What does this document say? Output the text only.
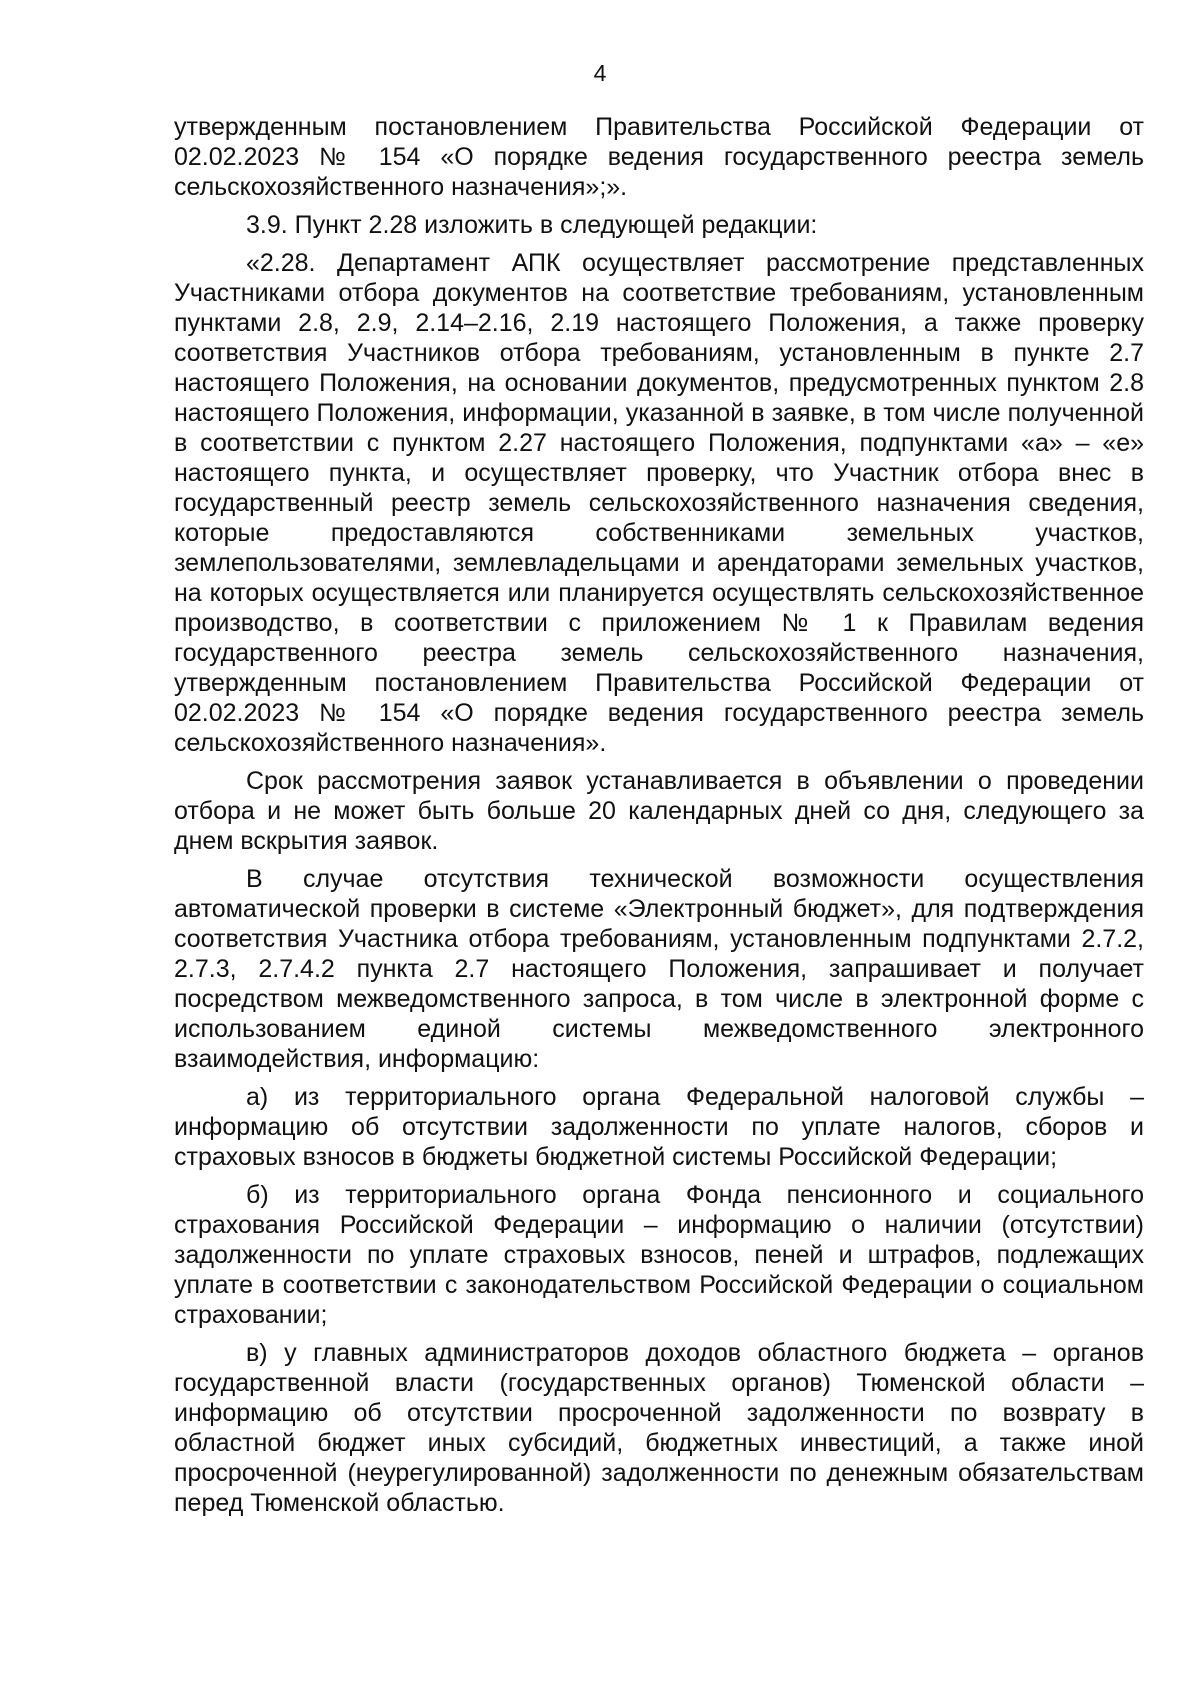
4

утвержденным постановлением Правительства Российской Федерации от 02.02.2023 № 154 «О порядке ведения государственного реестра земель сельскохозяйственного назначения»;».

3.9. Пункт 2.28 изложить в следующей редакции:

«2.28. Департамент АПК осуществляет рассмотрение представленных Участниками отбора документов на соответствие требованиям, установленным пунктами 2.8, 2.9, 2.14–2.16, 2.19 настоящего Положения, а также проверку соответствия Участников отбора требованиям, установленным в пункте 2.7 настоящего Положения, на основании документов, предусмотренных пунктом 2.8 настоящего Положения, информации, указанной в заявке, в том числе полученной в соответствии с пунктом 2.27 настоящего Положения, подпунктами «а» – «е» настоящего пункта, и осуществляет проверку, что Участник отбора внес в государственный реестр земель сельскохозяйственного назначения сведения, которые предоставляются собственниками земельных участков, землепользователями, землевладельцами и арендаторами земельных участков, на которых осуществляется или планируется осуществлять сельскохозяйственное производство, в соответствии с приложением № 1 к Правилам ведения государственного реестра земель сельскохозяйственного назначения, утвержденным постановлением Правительства Российской Федерации от 02.02.2023 № 154 «О порядке ведения государственного реестра земель сельскохозяйственного назначения».

Срок рассмотрения заявок устанавливается в объявлении о проведении отбора и не может быть больше 20 календарных дней со дня, следующего за днем вскрытия заявок.

В случае отсутствия технической возможности осуществления автоматической проверки в системе «Электронный бюджет», для подтверждения соответствия Участника отбора требованиям, установленным подпунктами 2.7.2, 2.7.3, 2.7.4.2 пункта 2.7 настоящего Положения, запрашивает и получает посредством межведомственного запроса, в том числе в электронной форме с использованием единой системы межведомственного электронного взаимодействия, информацию:

а) из территориального органа Федеральной налоговой службы – информацию об отсутствии задолженности по уплате налогов, сборов и страховых взносов в бюджеты бюджетной системы Российской Федерации;

б) из территориального органа Фонда пенсионного и социального страхования Российской Федерации – информацию о наличии (отсутствии) задолженности по уплате страховых взносов, пеней и штрафов, подлежащих уплате в соответствии с законодательством Российской Федерации о социальном страховании;

в) у главных администраторов доходов областного бюджета – органов государственной власти (государственных органов) Тюменской области – информацию об отсутствии просроченной задолженности по возврату в областной бюджет иных субсидий, бюджетных инвестиций, а также иной просроченной (неурегулированной) задолженности по денежным обязательствам перед Тюменской областью.
